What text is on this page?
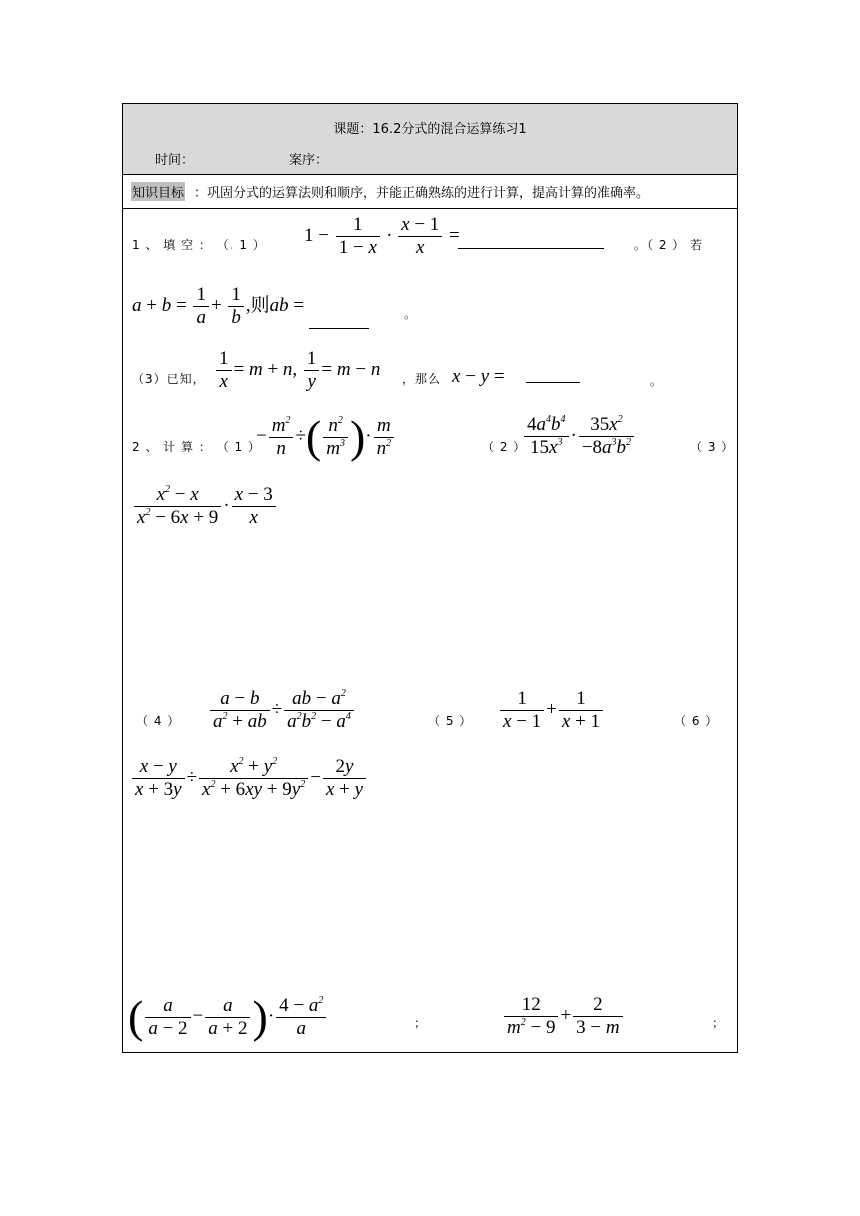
课题：16.2分式的混合运算练习1
时间：	案序：
知识目标 ：巩固分式的运算法则和顺序，并能正确熟练的进行计算，提高计算的准确率。
1 、 填 空 ： （. 1 ） $1 - \frac{1}{1 - x} \cdot \frac{x - 1}{x}$ =	。（ 2 ） 若
$a + b = \frac{1}{a} + \frac{1}{b}$ ,则ab =	。
（3）已知， $\frac{1}{x} = m + n$, $\frac{1}{y} = m - n$ ，那么 x − y =	。
2 、 计 算 ： （ 1 ）
− $\frac{m^2}{n}$ ÷( $\frac{n^2}{m^3}$ )· $\frac{m}{n^2}$	（ 2 ）
$\frac{4a^4b^4}{15x^3} \cdot \frac{35x^2}{-8a^3b^2}$	（ 3 ）
$\frac{x^2 - x}{x^2 - 6x + 9} \cdot \frac{x - 3}{x}$
（ 4 ） $\frac{a - b}{a^2 + ab} \div \frac{ab - a^2}{a^2b^2 - a^4}$	（ 5 ） $\frac{1}{x - 1} + \frac{1}{x + 1}$	（ 6 ）
$\frac{x - y}{x + 3y} \div \frac{x^2 + y^2}{x^2 + 6xy + 9y^2} - \frac{2y}{x + y}$
( $\frac{a}{a - 2} - \frac{a}{a + 2}$ )· $\frac{4 - a^2}{a}$	；	$\frac{12}{m^2 - 9} + \frac{2}{3 - m}$	；
